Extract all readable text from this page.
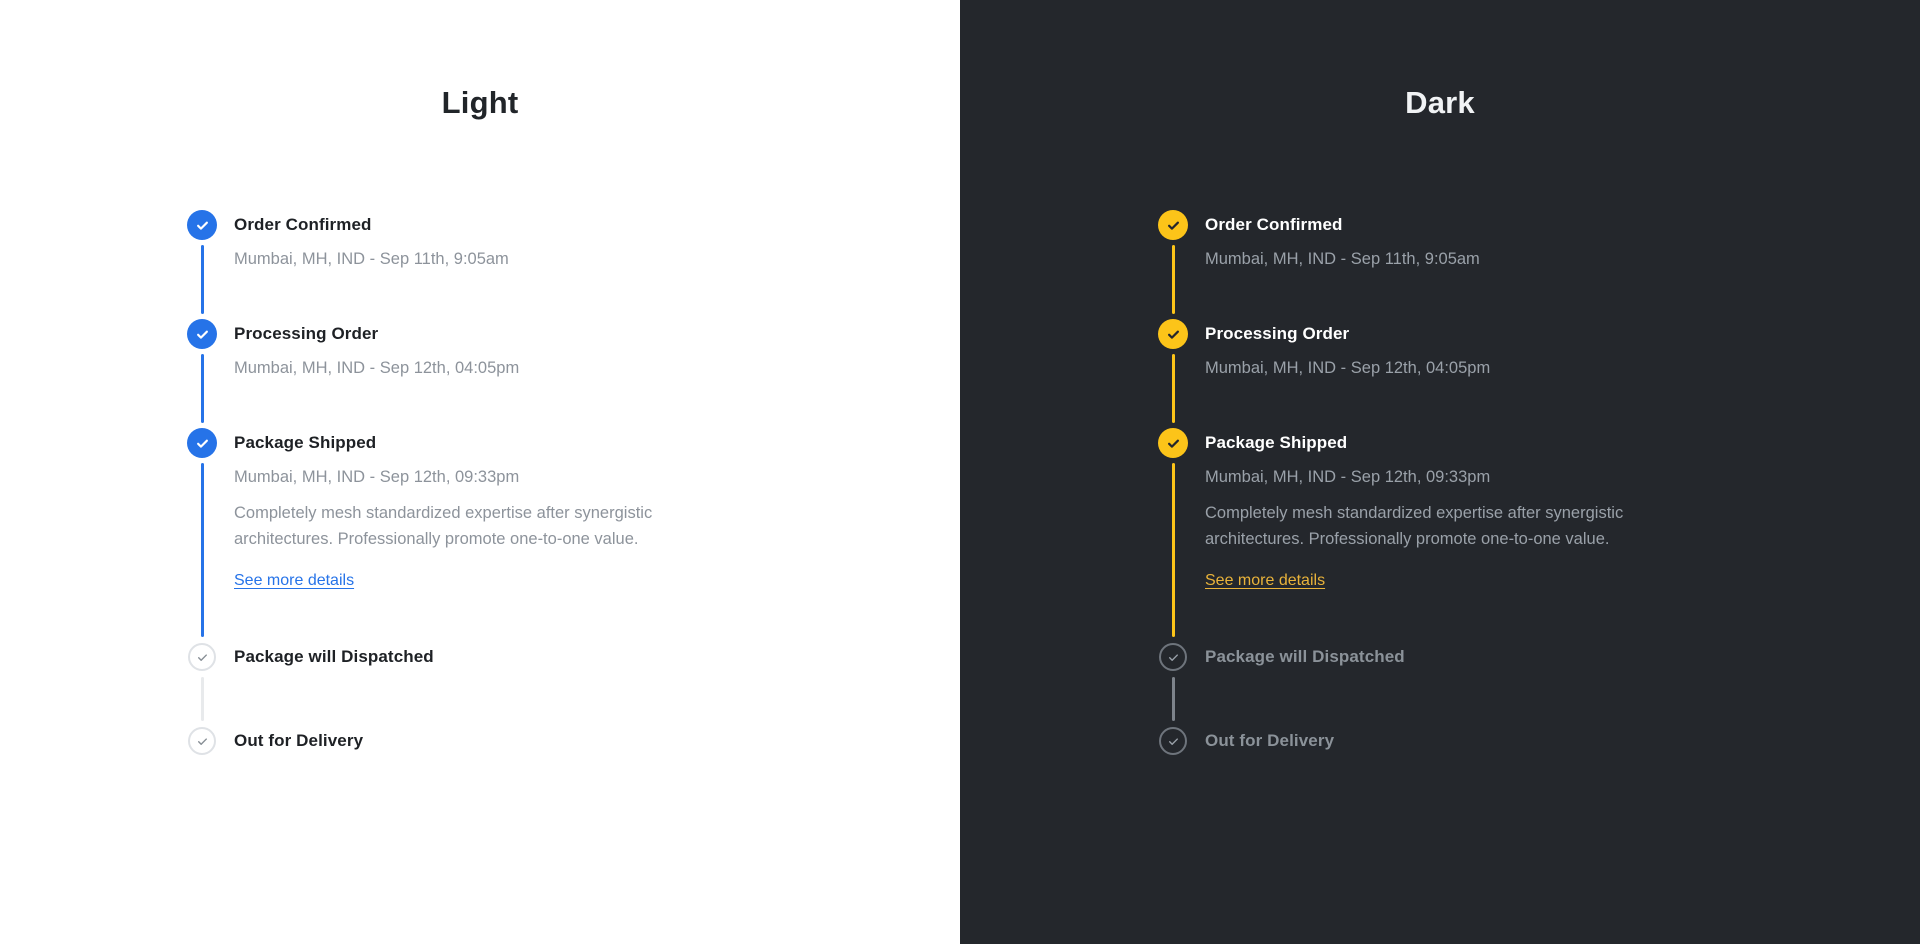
Light
Order Confirmed

Mumbai, MH, IND - Sep 11th, 9:05am

Processing Order

Mumbai, MH, IND - Sep 12th, 04:05pm

Package Shipped

Mumbai, MH, IND - Sep 12th, 09:33pm

Completely mesh standardized expertise after synergistic architectures. Professionally promote one-to-one value.

See more details
Package will Dispatched
Out for Delivery
Dark
Order Confirmed

Mumbai, MH, IND - Sep 11th, 9:05am

Processing Order

Mumbai, MH, IND - Sep 12th, 04:05pm

Package Shipped

Mumbai, MH, IND - Sep 12th, 09:33pm

Completely mesh standardized expertise after synergistic architectures. Professionally promote one-to-one value.

See more details
Package will Dispatched
Out for Delivery
